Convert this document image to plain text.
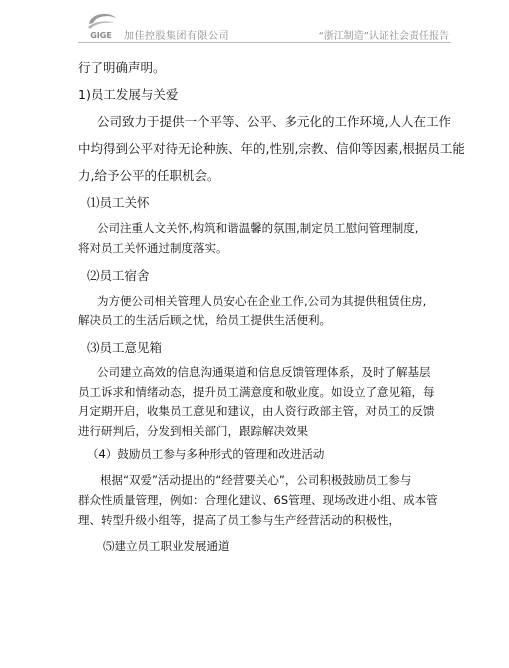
GIGE 加佳控股集团有限公司	“浙江制造”认证社会责任报告
行了明确声明。
1)员工发展与关爱
公司致力于提供一个平等、公平、多元化的工作环境,人人在工作
中均得到公平对待无论种族、年的,性别,宗教、信仰等因素,根据员工能
力,给予公平的任职机会。
⑴员工关怀
公司注重人文关怀,构筑和谐温馨的氛围,制定员工慰问管理制度,
将对员工关怀通过制度落实。
⑵员工宿舍
为方便公司相关管理人员安心在企业工作,公司为其提供租赁住房,
解决员工的生活后顾之忧，给员工提供生活便利。
⑶员工意见箱
公司建立高效的信息沟通渠道和信息反馈管理体系，及时了解基层
员工诉求和情绪动态，提升员工满意度和敬业度。如设立了意见箱，每
月定期开启，收集员工意见和建议，由人资行政部主管，对员工的反馈
进行研判后，分发到相关部门，跟踪解决效果
（4）鼓励员工参与多种形式的管理和改进活动
根据“双爱”活动提出的“经营要关心”，公司积极鼓励员工参与
群众性质量管理，例如：合理化建议、6S管理、现场改进小组、成本管
理、转型升级小组等，提高了员工参与生产经营活动的积极性，
⑸建立员工职业发展通道
